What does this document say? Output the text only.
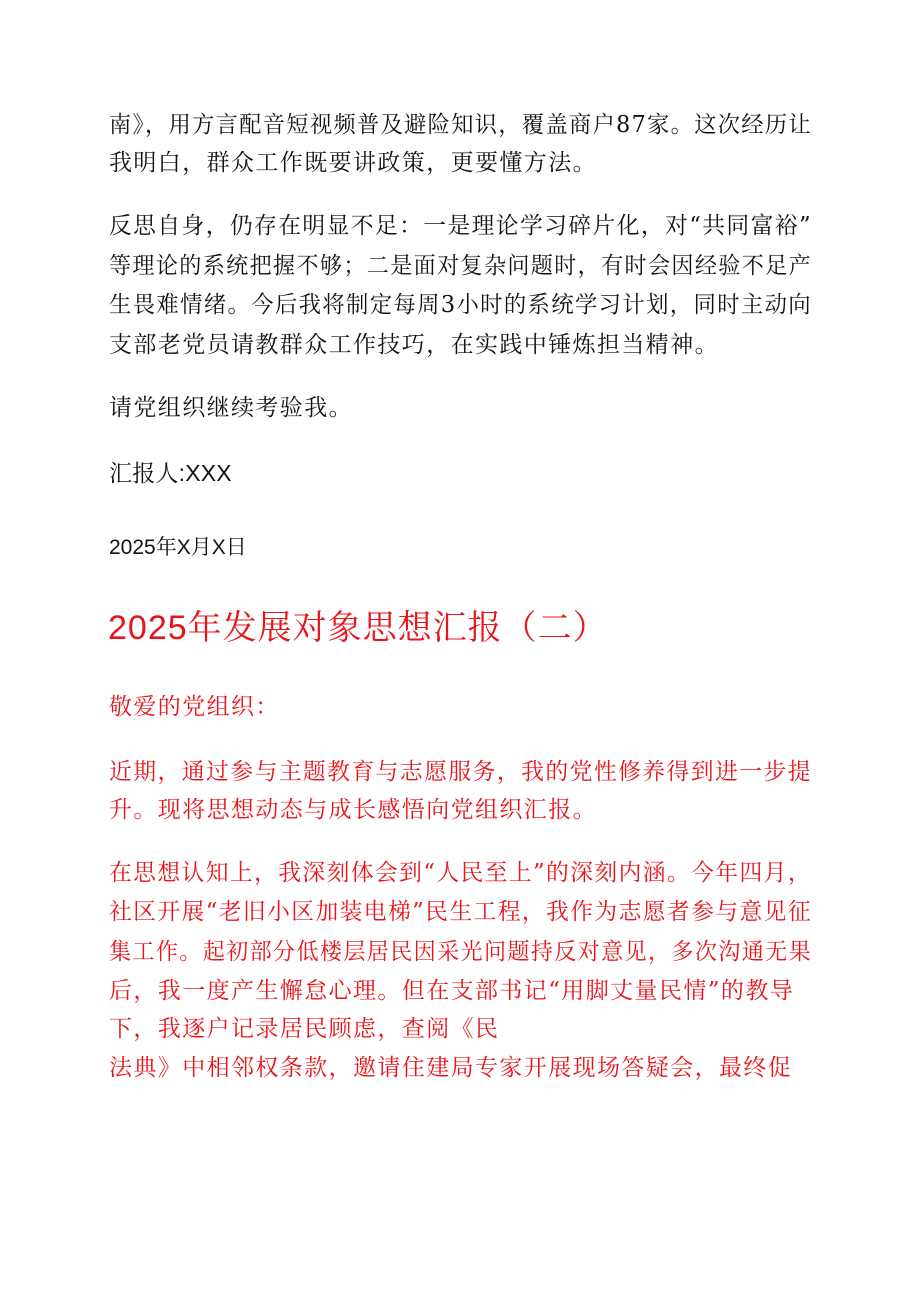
南》，用方言配音短视频普及避险知识，覆盖商户87家。这次经历让
我明白，群众工作既要讲政策，更要懂方法。
反思自身，仍存在明显不足：一是理论学习碎片化，对“共同富裕”
等理论的系统把握不够；二是面对复杂问题时，有时会因经验不足产
生畏难情绪。今后我将制定每周3小时的系统学习计划，同时主动向
支部老党员请教群众工作技巧，在实践中锤炼担当精神。
请党组织继续考验我。
汇报人:XXX
2025年X月X日
2025年发展对象思想汇报（二）
敬爱的党组织：
近期，通过参与主题教育与志愿服务，我的党性修养得到进一步提
升。现将思想动态与成长感悟向党组织汇报。
在思想认知上，我深刻体会到“人民至上”的深刻内涵。今年四月，
社区开展“老旧小区加装电梯”民生工程，我作为志愿者参与意见征
集工作。起初部分低楼层居民因采光问题持反对意见，多次沟通无果
后，我一度产生懈怠心理。但在支部书记“用脚丈量民情”的教导
下，我逐户记录居民顾虑，查阅《民
法典》中相邻权条款，邀请住建局专家开展现场答疑会，最终促
